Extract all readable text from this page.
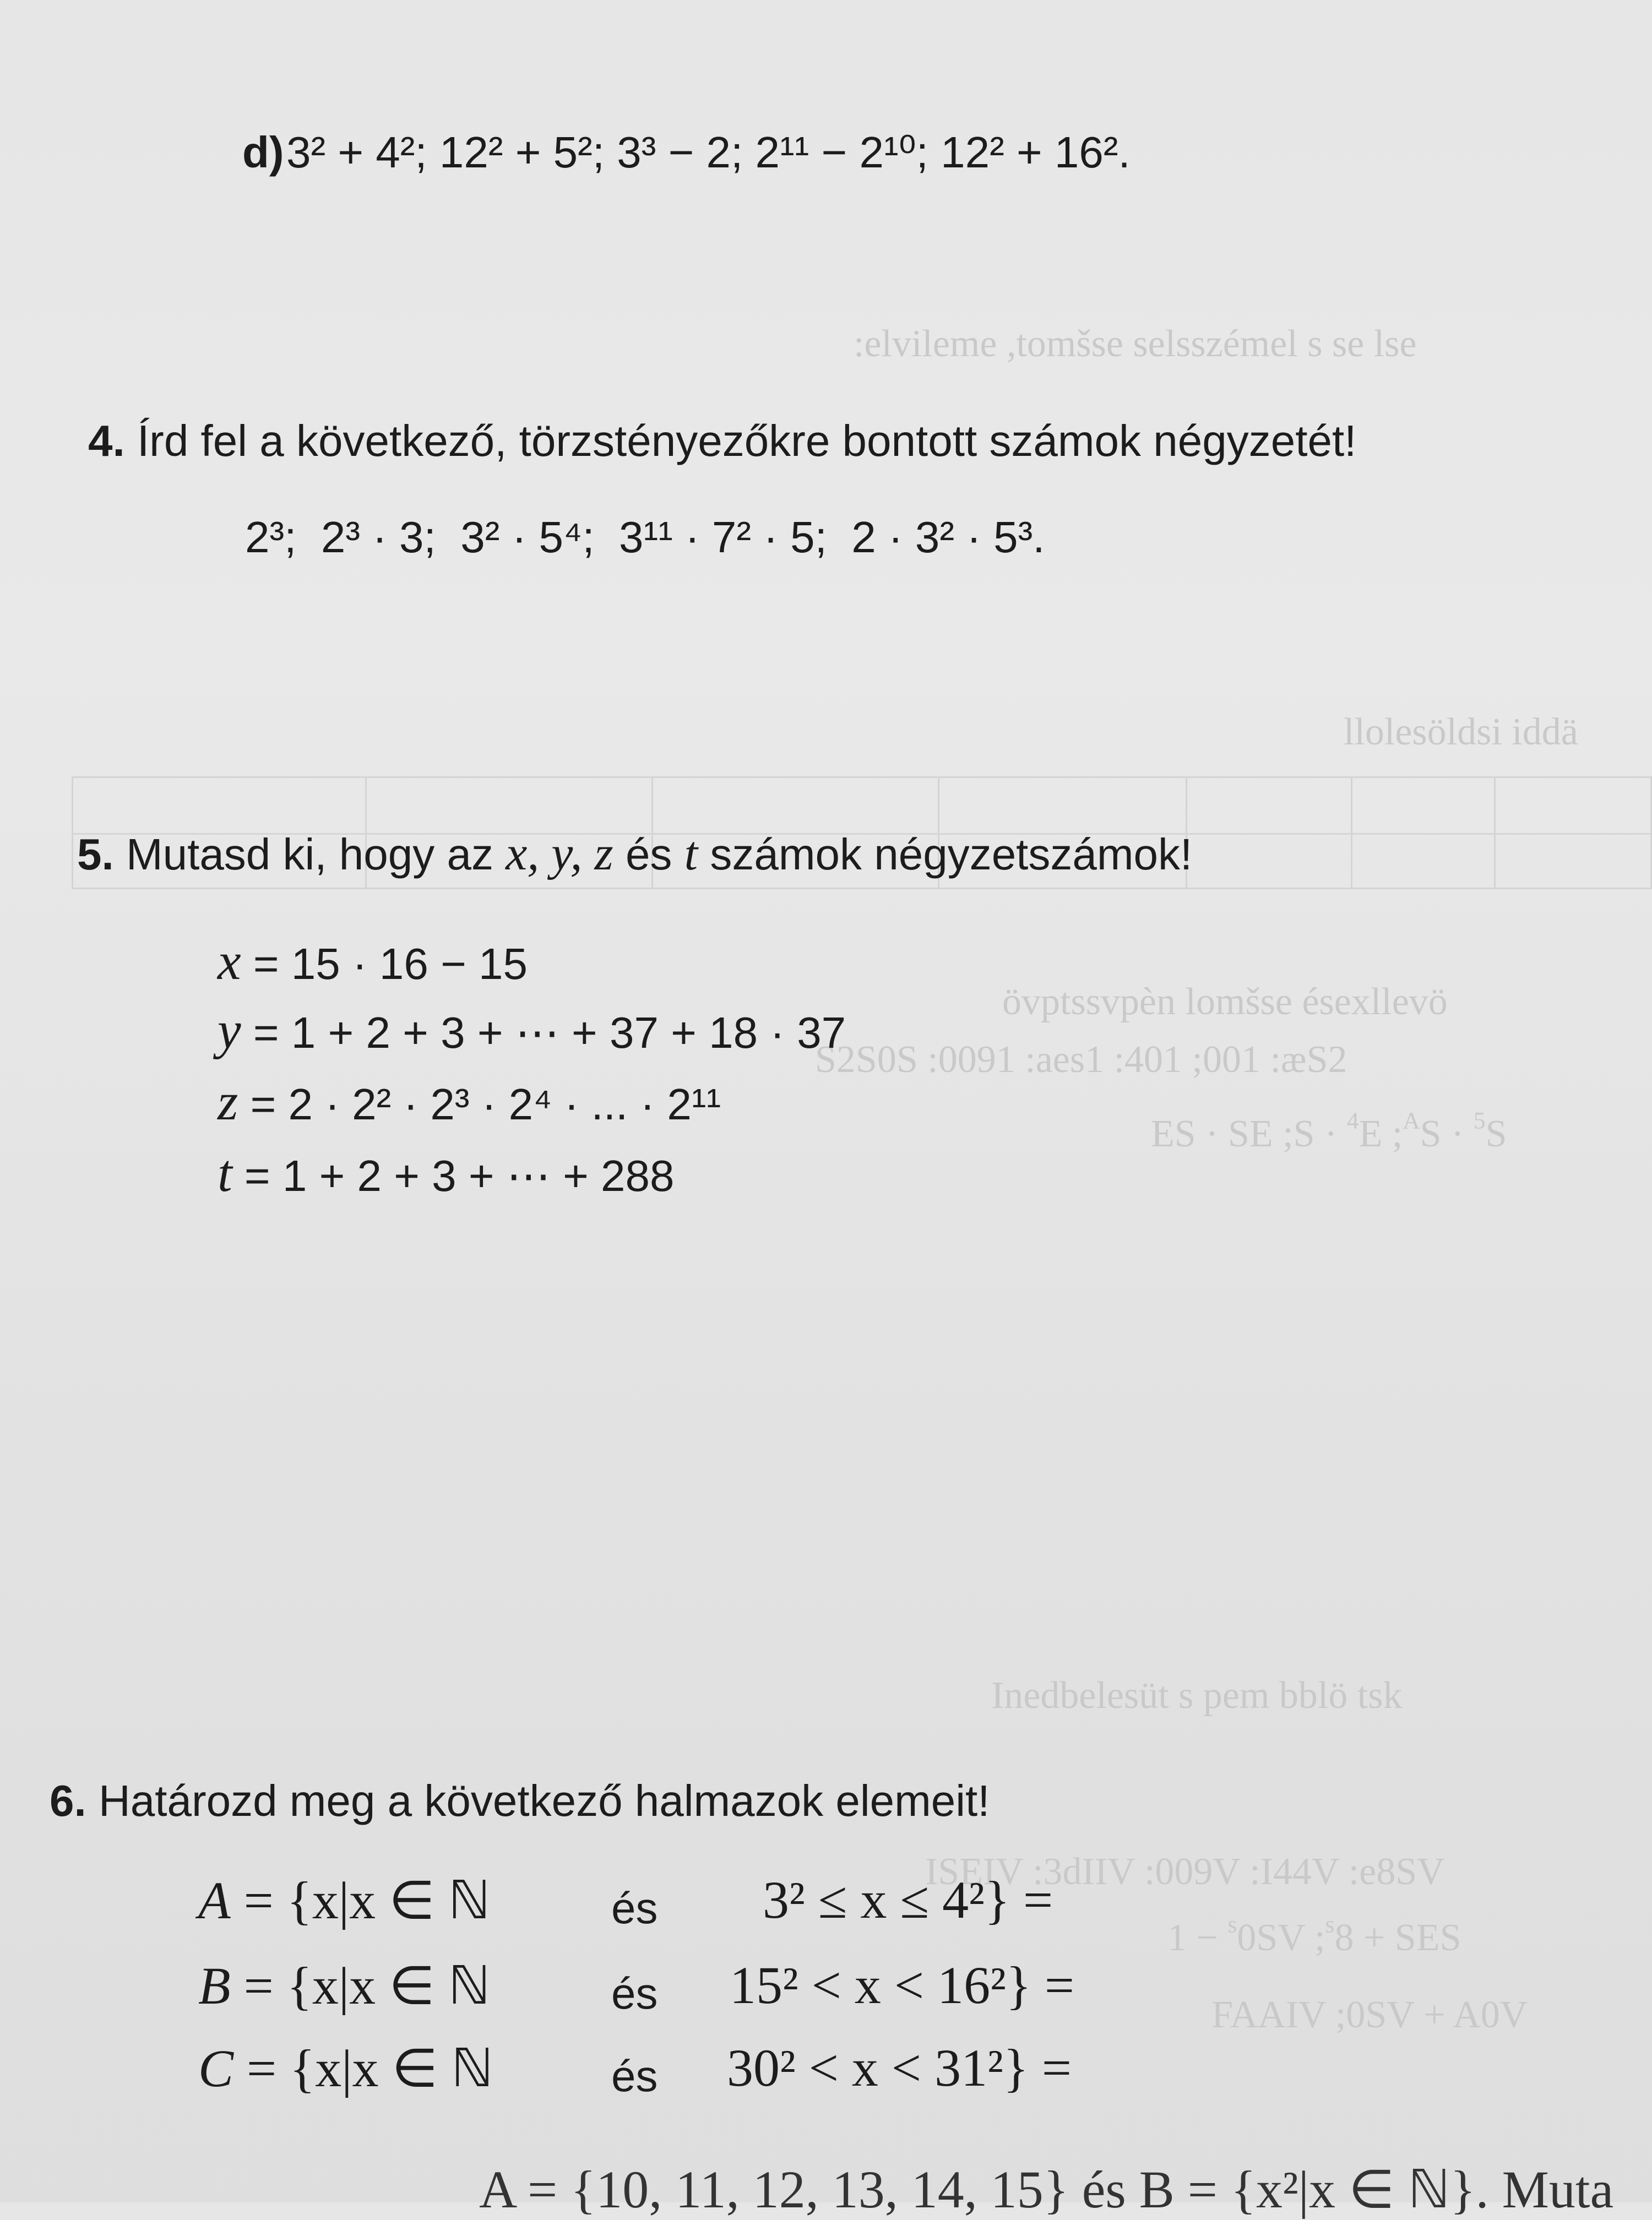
:elvileme ,tomšse selsszémel s se lse
llolesöldsi iddä
övptssvpèn lomšse ésexllevö
S2S0S :0091 :aes1 :401 ;001 :æS2
ES · SE ;S · $^4$E ;$^A$S · $^5$S
Inedbelesüt s pem bblö tsk
ISEIV :3dIIV :009V :I44V :e8SV
1 − $^s$0SV ;$^s$8 + SES
FAAIV ;0SV + A0V
d) 3² + 4²; 12² + 5²; 3³ − 2; 2¹¹ − 2¹⁰; 12² + 16².
4. Írd fel a következő, törzstényezőkre bontott számok négyzetét!
2³;  2³ · 3;  3² · 5⁴;  3¹¹ · 7² · 5;  2 · 3² · 5³.
5. Mutasd ki, hogy az x, y, z és t számok négyzetszámok!
x = 15 · 16 − 15
y = 1 + 2 + 3 + ⋯ + 37 + 18 · 37
z = 2 · 2² · 2³ · 2⁴ · ... · 2¹¹
t = 1 + 2 + 3 + ⋯ + 288
6. Határozd meg a következő halmazok elemeit!
A = {x|x ∈ ℕ	és 3² ≤ x ≤ 4²} =
B = {x|x ∈ ℕ	és 15² < x < 16²} =
C = {x|x ∈ ℕ	és 30² < x < 31²} =
A = {10, 11, 12, 13, 14, 15} és B = {x²|x ∈ ℕ}. Muta
